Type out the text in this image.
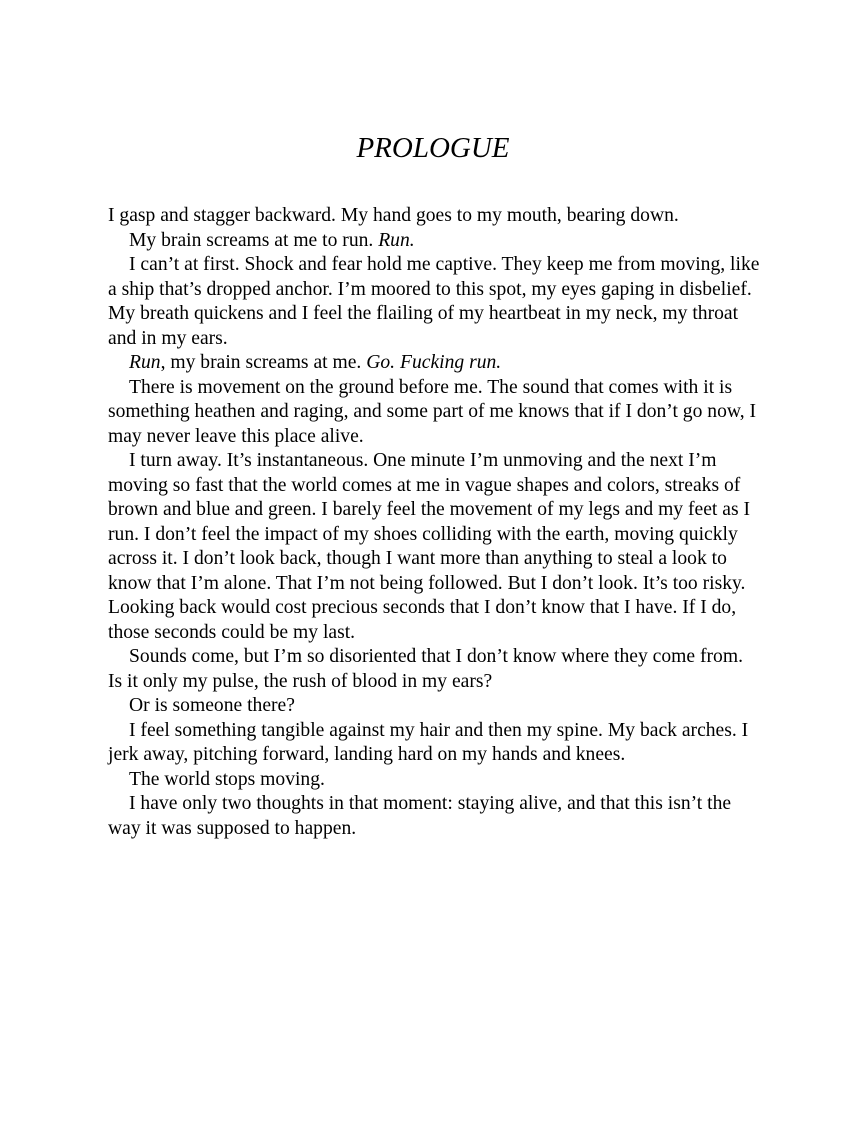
PROLOGUE

I gasp and stagger backward. My hand goes to my mouth, bearing down.

My brain screams at me to run. Run.

I can’t at first. Shock and fear hold me captive. They keep me from moving, like a ship that’s dropped anchor. I’m moored to this spot, my eyes gaping in disbelief. My breath quickens and I feel the flailing of my heartbeat in my neck, my throat and in my ears.

Run, my brain screams at me. Go. Fucking run.

There is movement on the ground before me. The sound that comes with it is something heathen and raging, and some part of me knows that if I don’t go now, I may never leave this place alive.

I turn away. It’s instantaneous. One minute I’m unmoving and the next I’m moving so fast that the world comes at me in vague shapes and colors, streaks of brown and blue and green. I barely feel the movement of my legs and my feet as I run. I don’t feel the impact of my shoes colliding with the earth, moving quickly across it. I don’t look back, though I want more than anything to steal a look to know that I’m alone. That I’m not being followed. But I don’t look. It’s too risky. Looking back would cost precious seconds that I don’t know that I have. If I do, those seconds could be my last.

Sounds come, but I’m so disoriented that I don’t know where they come from. Is it only my pulse, the rush of blood in my ears?

Or is someone there?

I feel something tangible against my hair and then my spine. My back arches. I jerk away, pitching forward, landing hard on my hands and knees.

The world stops moving.

I have only two thoughts in that moment: staying alive, and that this isn’t the way it was supposed to happen.
